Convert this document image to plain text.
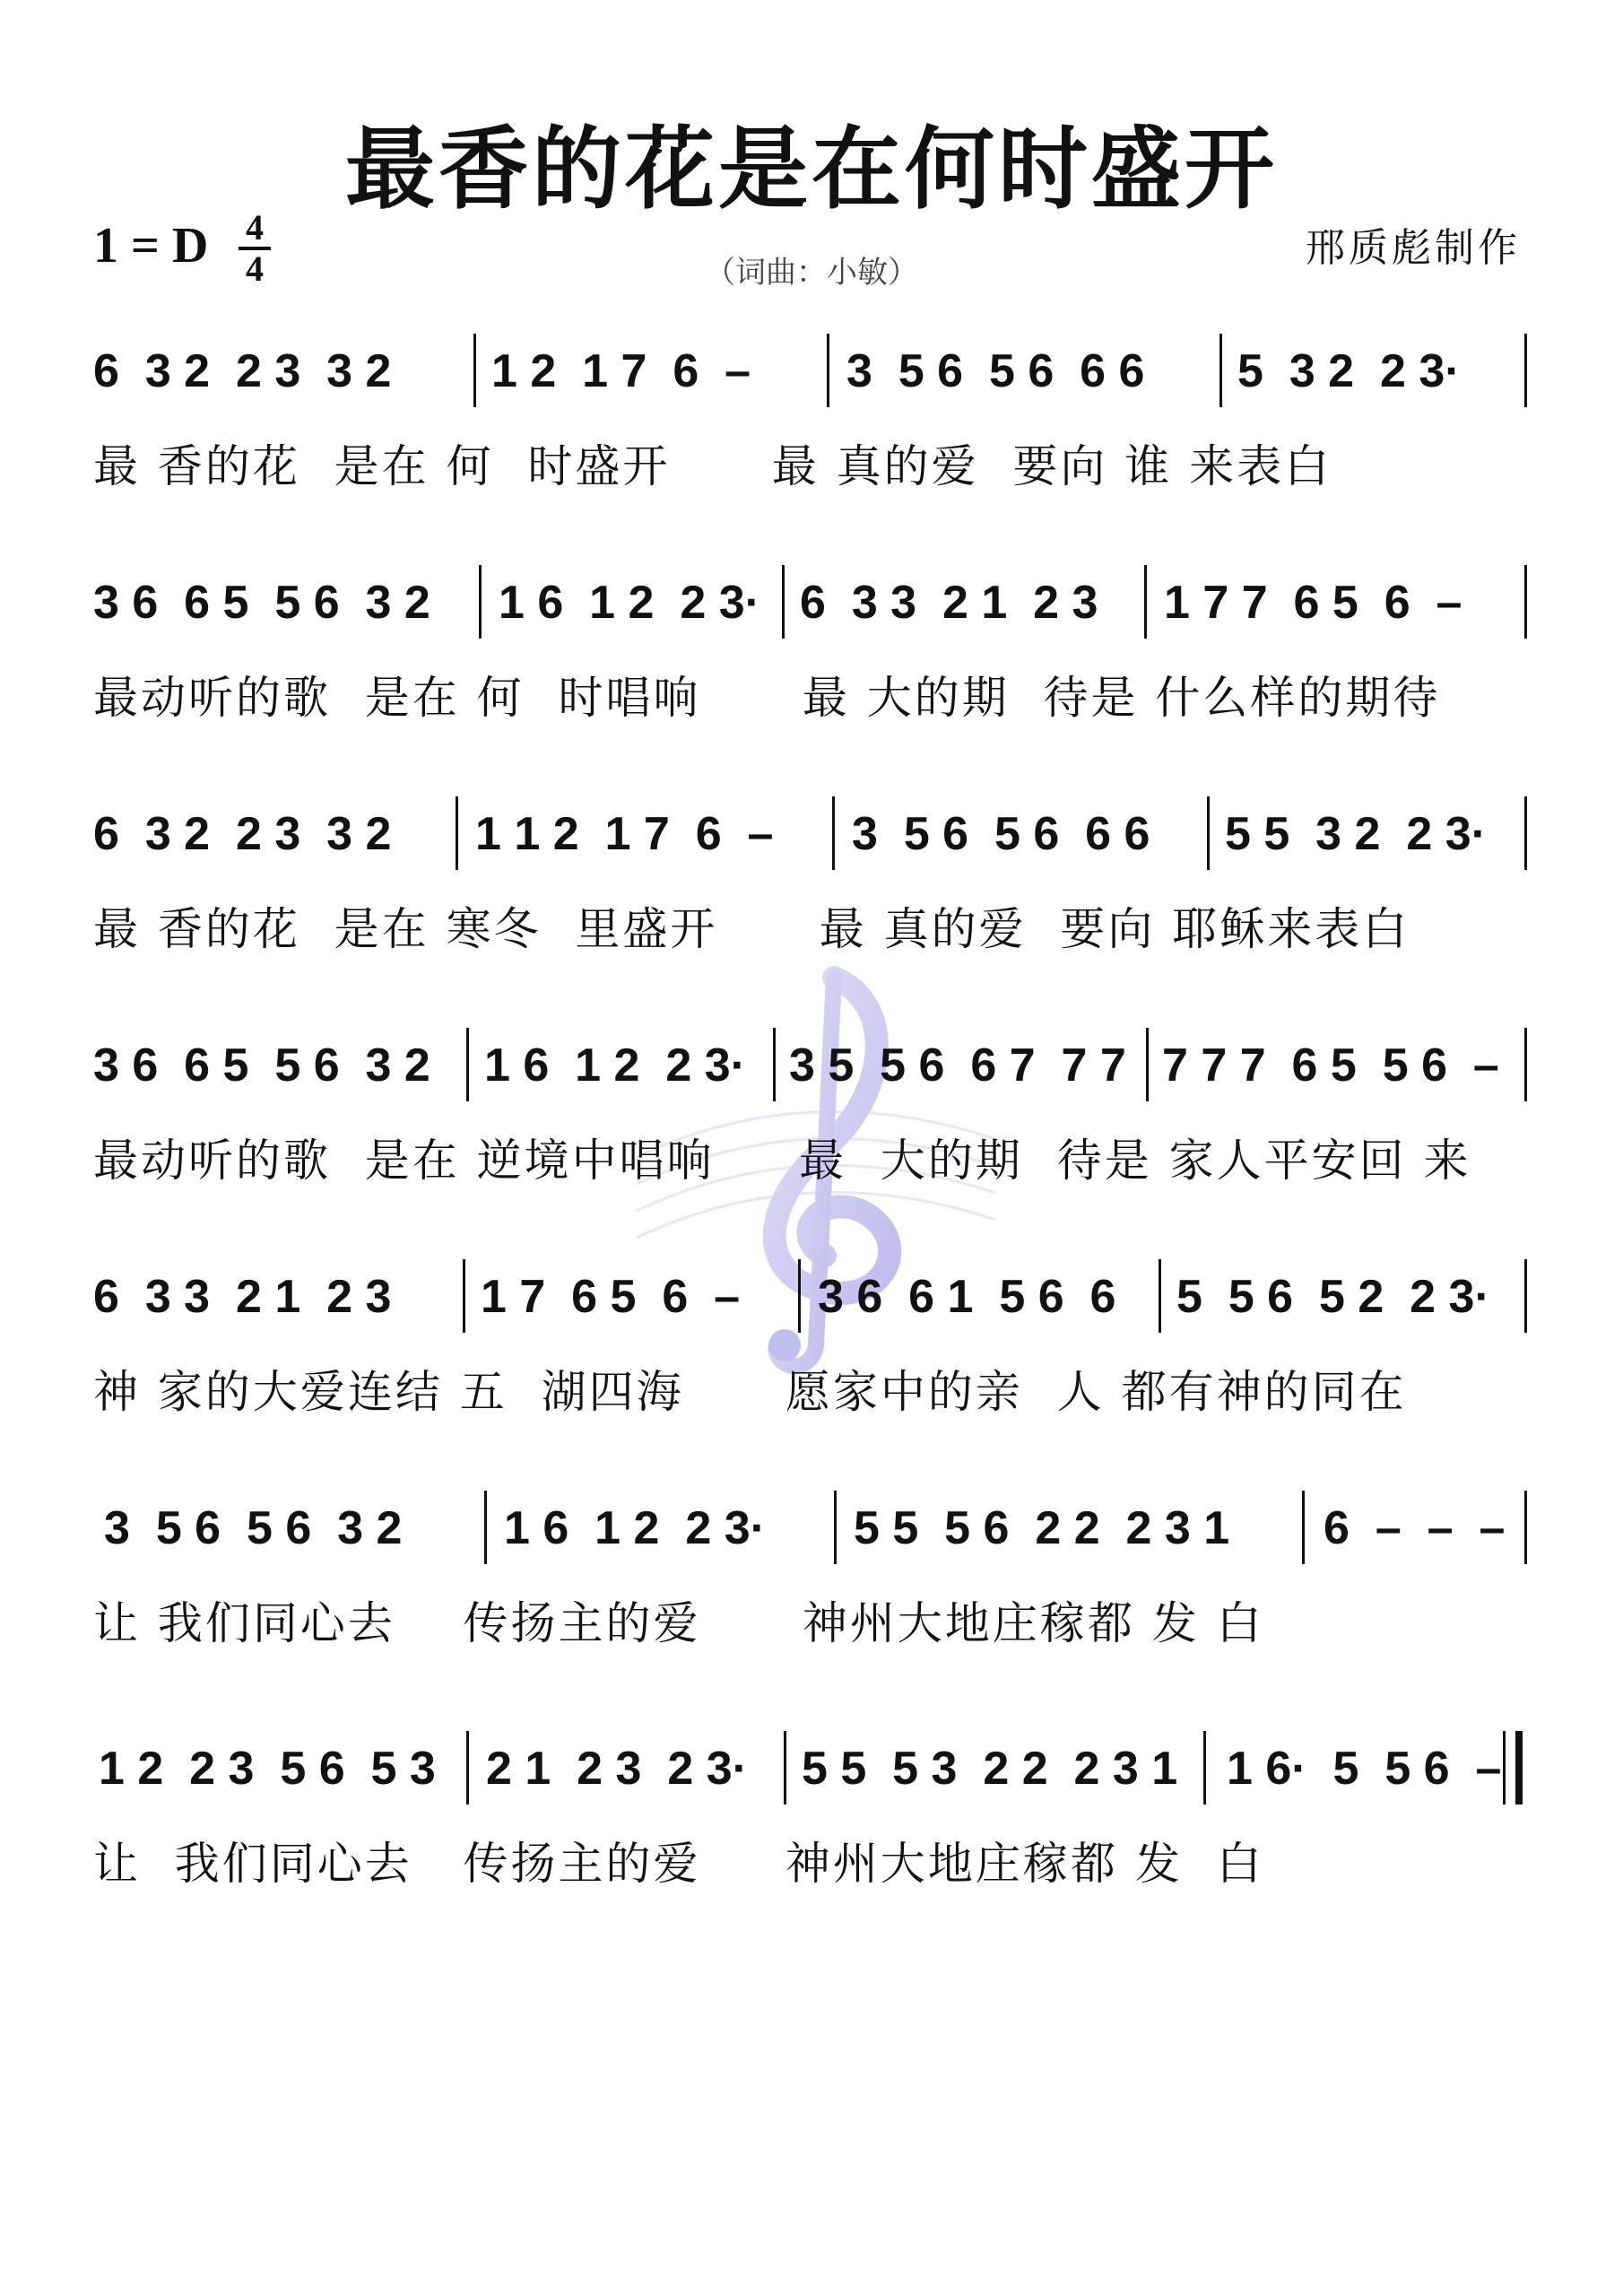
最香的花是在何时盛开
1 = D	4
4	（词曲：小敏）
邢质彪制作
6  3 2  2 3  3 2 1 2  1 7  6  – 3  5 6  5 6  6 6 5  3 2  2 3·
最 香的花  是在 何  时盛开      最 真的爱  要向 谁 来表白
3 6  6 5  5 6  3 2 1 6  1 2  2 3· 6  3 3  2 1  2 3 1 7 7  6 5  6  –
最动听的歌  是在 何  时唱响      最 大的期  待是 什么样的期待
6  3 2  2 3  3 2 1 1 2  1 7  6  – 3  5 6  5 6  6 6 5 5  3 2  2 3·
最 香的花  是在 寒冬  里盛开      最 真的爱  要向 耶稣来表白
3 6  6 5  5 6  3 2 1 6  1 2  2 3· 3 5  5 6  6 7  7 7 7 7 7  6 5  5 6  –
最动听的歌  是在 逆境中唱响     最  大的期  待是 家人平安回 来
6  3 3  2 1  2 3 1 7  6 5  6  – 3 6  6 1  5 6  6 5  5 6  5 2  2 3·
神 家的大爱连结 五  湖四海      愿家中的亲  人 都有神的同在
3  5 6  5 6  3 2 1 6  1 2  2 3· 5 5  5 6  2 2  2 3 1 6  –  –  –
让 我们同心去    传扬主的爱      神州大地庄稼都 发 白
1 2  2 3  5 6  5 3 2 1  2 3  2 3· 5 5  5 3  2 2  2 3 1 1 6·  5  5 6  –
让  我们同心去   传扬主的爱     神州大地庄稼都 发  白
